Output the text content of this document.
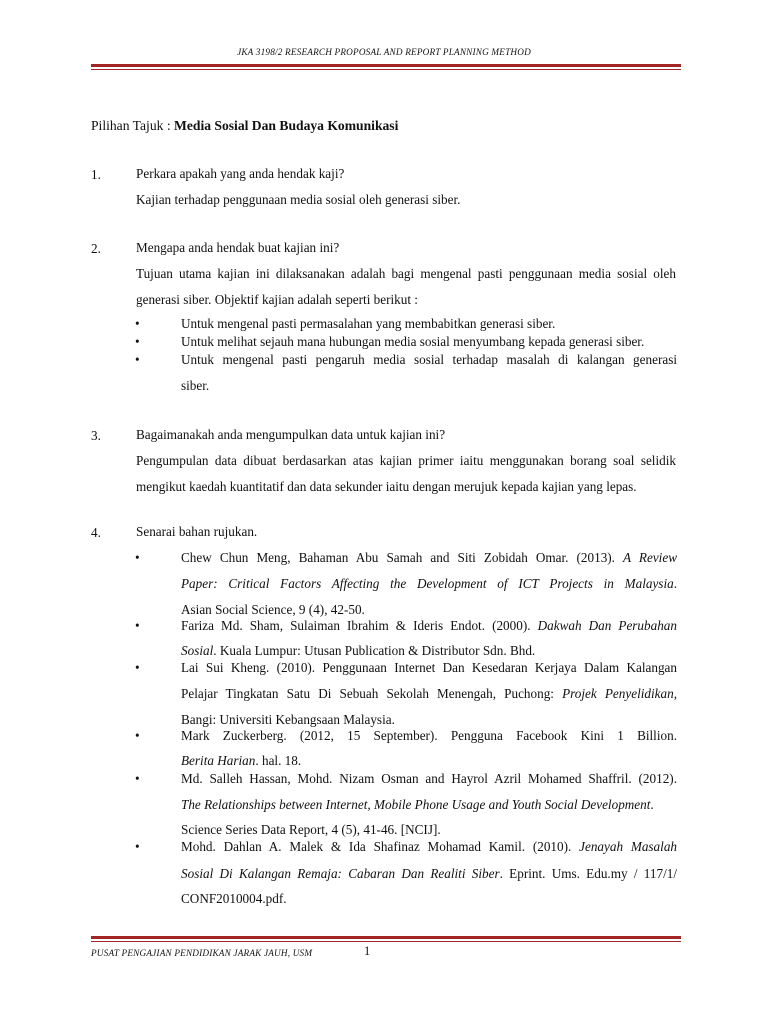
JKA 3198/2 RESEARCH PROPOSAL AND REPORT PLANNING METHOD
Pilihan Tajuk : Media Sosial Dan Budaya Komunikasi
1.	Perkara apakah yang anda hendak kaji?
Kajian terhadap penggunaan media sosial oleh generasi siber.
2.	Mengapa anda hendak buat kajian ini?
Tujuan utama kajian ini dilaksanakan adalah bagi mengenal pasti penggunaan media sosial oleh
generasi siber. Objektif kajian adalah seperti berikut :
•	Untuk mengenal pasti permasalahan yang membabitkan generasi siber.
•	Untuk melihat sejauh mana hubungan media sosial menyumbang kepada generasi siber.
•	Untuk mengenal pasti pengaruh media sosial terhadap masalah di kalangan generasi
siber.
3.	Bagaimanakah anda mengumpulkan data untuk kajian ini?
Pengumpulan data dibuat berdasarkan atas kajian primer iaitu menggunakan borang soal selidik
mengikut kaedah kuantitatif dan data sekunder iaitu dengan merujuk kepada kajian yang lepas.
4.	Senarai bahan rujukan.
•	Chew Chun Meng, Bahaman Abu Samah and Siti Zobidah Omar. (2013). A Review
Paper: Critical Factors Affecting the Development of ICT Projects in Malaysia.
Asian Social Science, 9 (4), 42-50.
•	Fariza Md. Sham, Sulaiman Ibrahim & Ideris Endot. (2000). Dakwah Dan Perubahan
Sosial. Kuala Lumpur: Utusan Publication & Distributor Sdn. Bhd.
•	Lai Sui Kheng. (2010). Penggunaan Internet Dan Kesedaran Kerjaya Dalam Kalangan
Pelajar Tingkatan Satu Di Sebuah Sekolah Menengah, Puchong: Projek Penyelidikan,
Bangi: Universiti Kebangsaan Malaysia.
•	Mark Zuckerberg. (2012, 15 September). Pengguna Facebook Kini 1 Billion.
Berita Harian. hal. 18.
•	Md. Salleh Hassan, Mohd. Nizam Osman and Hayrol Azril Mohamed Shaffril. (2012).
The Relationships between Internet, Mobile Phone Usage and Youth Social Development.
Science Series Data Report, 4 (5), 41-46. [NCIJ].
•	Mohd. Dahlan A. Malek & Ida Shafinaz Mohamad Kamil. (2010). Jenayah Masalah
Sosial Di Kalangan Remaja: Cabaran Dan Realiti Siber. Eprint. Ums. Edu.my / 117/1/
CONF2010004.pdf.
PUSAT PENGAJIAN PENDIDIKAN JARAK JAUH, USM	1
